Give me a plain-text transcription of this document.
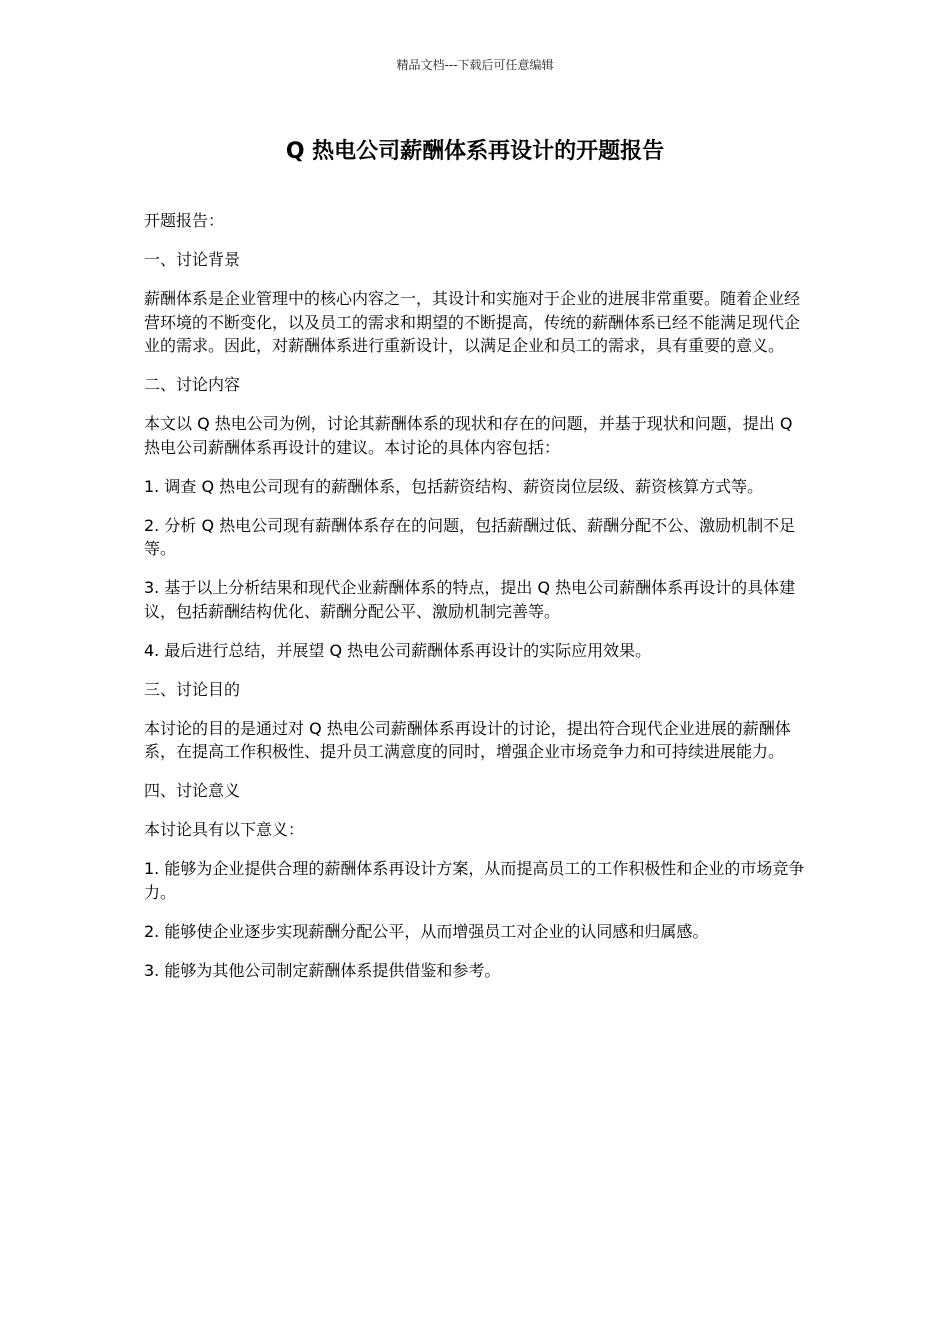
精品文档---下载后可任意编辑
Q 热电公司薪酬体系再设计的开题报告

开题报告：

一、讨论背景

薪酬体系是企业管理中的核心内容之一，其设计和实施对于企业的进展非常重要。随着企业经营环境的不断变化，以及员工的需求和期望的不断提高，传统的薪酬体系已经不能满足现代企业的需求。因此，对薪酬体系进行重新设计，以满足企业和员工的需求，具有重要的意义。

二、讨论内容

本文以 Q 热电公司为例，讨论其薪酬体系的现状和存在的问题，并基于现状和问题，提出 Q 热电公司薪酬体系再设计的建议。本讨论的具体内容包括：

1. 调查 Q 热电公司现有的薪酬体系，包括薪资结构、薪资岗位层级、薪资核算方式等。

2. 分析 Q 热电公司现有薪酬体系存在的问题，包括薪酬过低、薪酬分配不公、激励机制不足等。

3. 基于以上分析结果和现代企业薪酬体系的特点，提出 Q 热电公司薪酬体系再设计的具体建议，包括薪酬结构优化、薪酬分配公平、激励机制完善等。

4. 最后进行总结，并展望 Q 热电公司薪酬体系再设计的实际应用效果。

三、讨论目的

本讨论的目的是通过对 Q 热电公司薪酬体系再设计的讨论，提出符合现代企业进展的薪酬体系，在提高工作积极性、提升员工满意度的同时，增强企业市场竞争力和可持续进展能力。

四、讨论意义

本讨论具有以下意义：

1. 能够为企业提供合理的薪酬体系再设计方案，从而提高员工的工作积极性和企业的市场竞争力。

2. 能够使企业逐步实现薪酬分配公平，从而增强员工对企业的认同感和归属感。

3. 能够为其他公司制定薪酬体系提供借鉴和参考。
